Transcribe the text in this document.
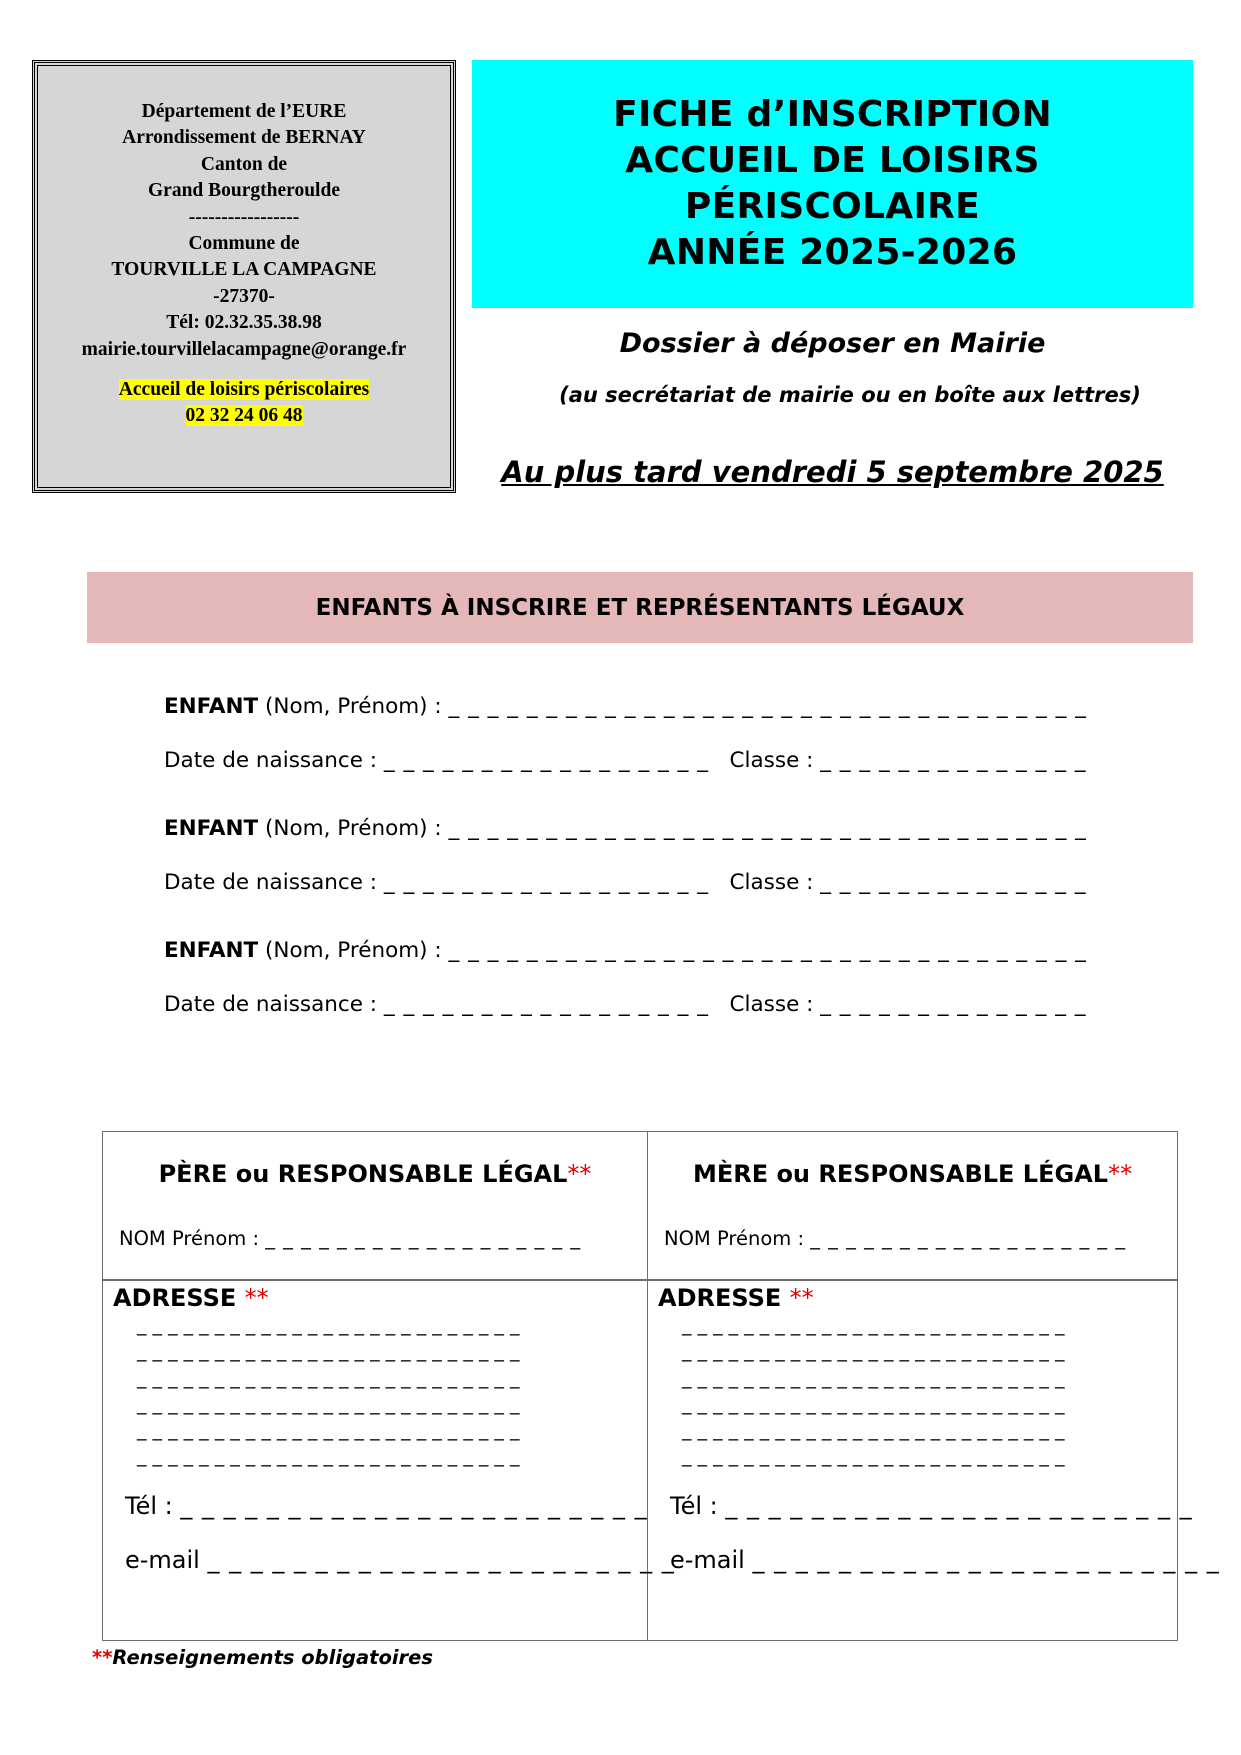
Département de l’EURE
Arrondissement de BERNAY
Canton de
Grand Bourgtheroulde
-----------------
Commune de
TOURVILLE LA CAMPAGNE
-27370-
Tél: 02.32.35.38.98
mairie.tourvillelacampagne@orange.fr
Accueil de loisirs périscolaires
02 32 24 06 48
FICHE d’INSCRIPTION
ACCUEIL DE LOISIRS
PÉRISCOLAIRE
ANNÉE 2025-2026
Dossier à déposer en Mairie
(au secrétariat de mairie ou en boîte aux lettres)
Au plus tard vendredi 5 septembre 2025
ENFANTS À INSCRIRE ET REPRÉSENTANTS LÉGAUX
ENFANT (Nom, Prénom) : _ _ _ _ _ _ _ _ _ _ _ _ _ _ _ _ _ _ _ _ _ _ _ _ _ _ _ _ _ _ _ _ _
Date de naissance : _ _ _ _ _ _ _ _ _ _ _ _ _ _ _ _ _ Classe : _ _ _ _ _ _ _ _ _ _ _ _ _ _
ENFANT (Nom, Prénom) : _ _ _ _ _ _ _ _ _ _ _ _ _ _ _ _ _ _ _ _ _ _ _ _ _ _ _ _ _ _ _ _ _
Date de naissance : _ _ _ _ _ _ _ _ _ _ _ _ _ _ _ _ _ Classe : _ _ _ _ _ _ _ _ _ _ _ _ _ _
ENFANT (Nom, Prénom) : _ _ _ _ _ _ _ _ _ _ _ _ _ _ _ _ _ _ _ _ _ _ _ _ _ _ _ _ _ _ _ _ _
Date de naissance : _ _ _ _ _ _ _ _ _ _ _ _ _ _ _ _ _ Classe : _ _ _ _ _ _ _ _ _ _ _ _ _ _
PÈRE ou RESPONSABLE LÉGAL**
NOM Prénom : _ _ _ _ _ _ _ _ _ _ _ _ _ _ _ _ _ _
ADRESSE **
_ _ _ _ _ _ _ _ _ _ _ _ _ _ _ _ _ _ _ _ _ _ _ _ _
_ _ _ _ _ _ _ _ _ _ _ _ _ _ _ _ _ _ _ _ _ _ _ _ _
_ _ _ _ _ _ _ _ _ _ _ _ _ _ _ _ _ _ _ _ _ _ _ _ _
_ _ _ _ _ _ _ _ _ _ _ _ _ _ _ _ _ _ _ _ _ _ _ _ _
_ _ _ _ _ _ _ _ _ _ _ _ _ _ _ _ _ _ _ _ _ _ _ _ _
_ _ _ _ _ _ _ _ _ _ _ _ _ _ _ _ _ _ _ _ _ _ _ _ _
Tél : _ _ _ _ _ _ _ _ _ _ _ _ _ _ _ _ _ _ _ _ _ _
e-mail _ _ _ _ _ _ _ _ _ _ _ _ _ _ _ _ _ _ _ _ _ _
MÈRE ou RESPONSABLE LÉGAL**
NOM Prénom : _ _ _ _ _ _ _ _ _ _ _ _ _ _ _ _ _ _
ADRESSE **
_ _ _ _ _ _ _ _ _ _ _ _ _ _ _ _ _ _ _ _ _ _ _ _ _
_ _ _ _ _ _ _ _ _ _ _ _ _ _ _ _ _ _ _ _ _ _ _ _ _
_ _ _ _ _ _ _ _ _ _ _ _ _ _ _ _ _ _ _ _ _ _ _ _ _
_ _ _ _ _ _ _ _ _ _ _ _ _ _ _ _ _ _ _ _ _ _ _ _ _
_ _ _ _ _ _ _ _ _ _ _ _ _ _ _ _ _ _ _ _ _ _ _ _ _
_ _ _ _ _ _ _ _ _ _ _ _ _ _ _ _ _ _ _ _ _ _ _ _ _
Tél : _ _ _ _ _ _ _ _ _ _ _ _ _ _ _ _ _ _ _ _ _ _
e-mail _ _ _ _ _ _ _ _ _ _ _ _ _ _ _ _ _ _ _ _ _ _
**Renseignements obligatoires
